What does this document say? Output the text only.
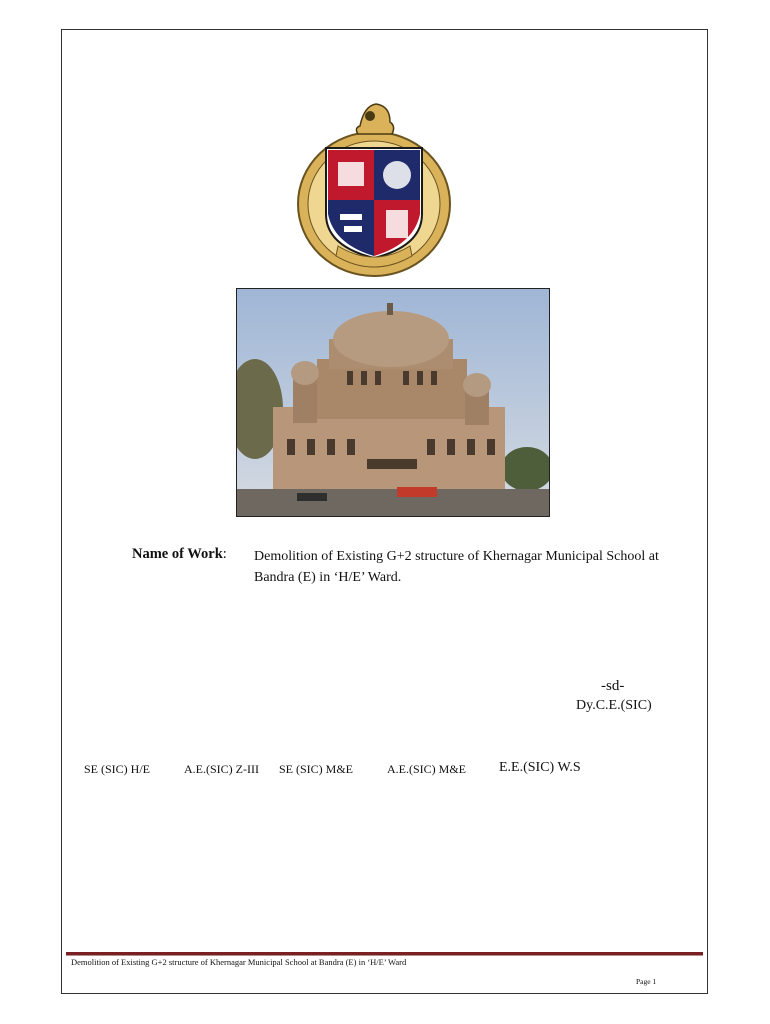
Name of Work: Demolition of Existing G+2 structure of Khernagar Municipal School at Bandra (E) in ‘H/E’ Ward.
-sd-
Dy.C.E.(SIC)
SE (SIC) H/E	A.E.(SIC) Z-III SE (SIC) M&E	A.E.(SIC) M&E E.E.(SIC) W.S
Demolition of Existing G+2 structure of Khernagar Municipal School at Bandra (E) in ‘H/E’ Ward
Page 1
